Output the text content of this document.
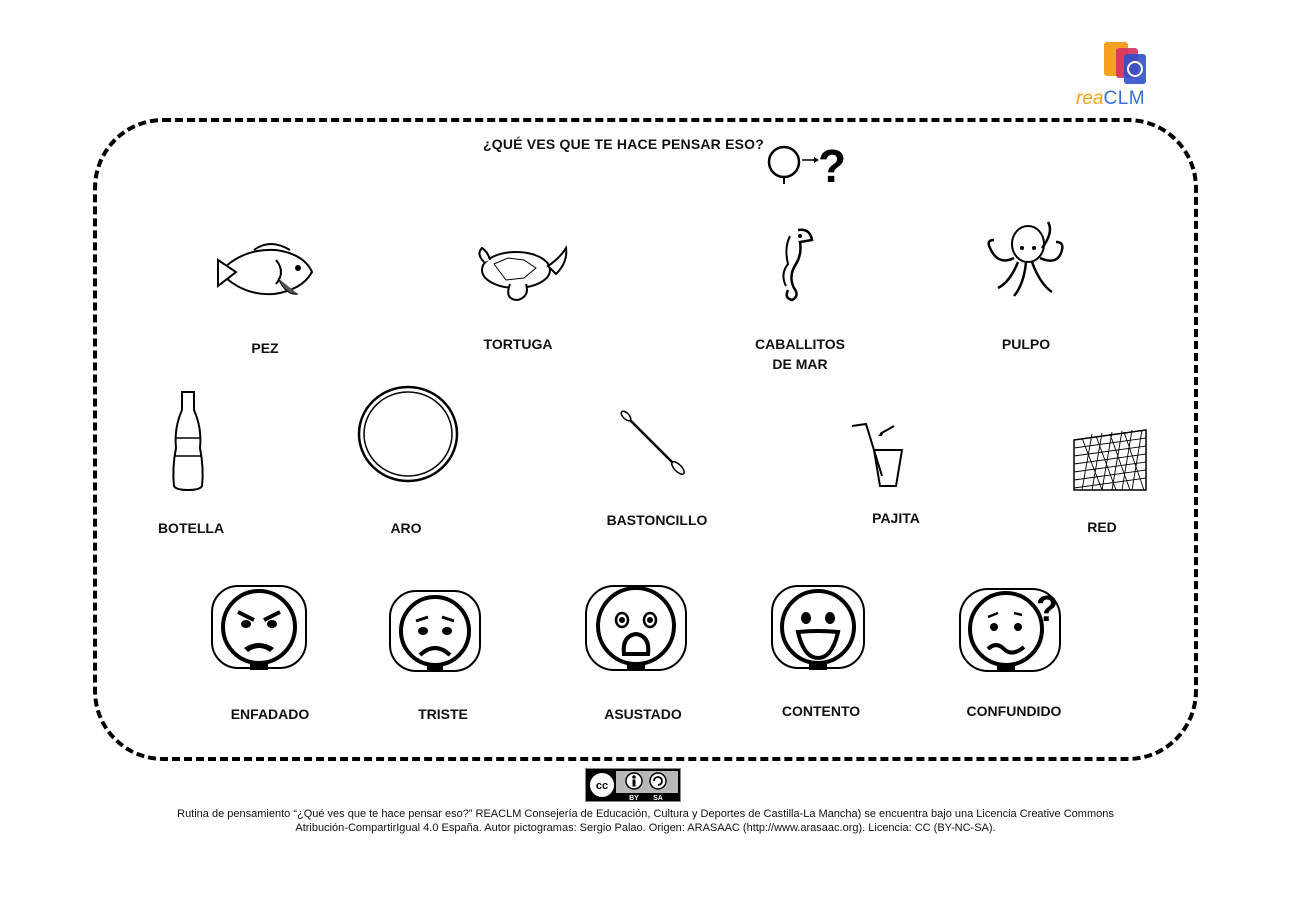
reaCLM
¿QUÉ VES QUE TE HACE PENSAR ESO? ?
PEZ	TORTUGA	CABALLITOS
DE MAR
PULPO
BOTELLA	ARO	BASTONCILLO	PAJITA
RED
?
ENFADADO	TRISTE	ASUSTADO	CONTENTO	CONFUNDIDO
cc
BY SA
Rutina de pensamiento “¿Qué ves que te hace pensar eso?” REACLM Consejería de Educación, Cultura y Deportes de Castilla-La Mancha) se encuentra bajo una Licencia Creative Commons
Atribución-CompartirIgual 4.0 España. Autor pictogramas: Sergio Palao. Origen: ARASAAC (http://www.arasaac.org). Licencia: CC (BY-NC-SA).
